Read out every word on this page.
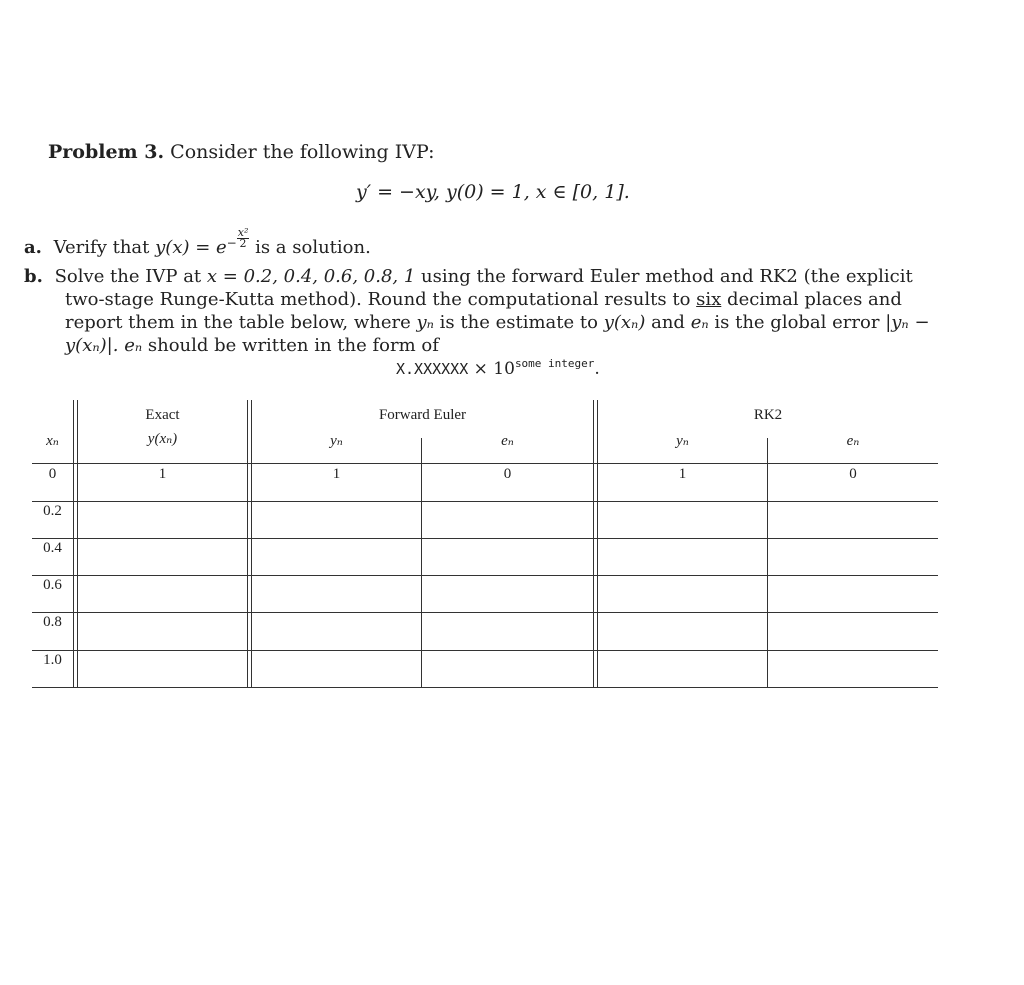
Problem 3. Consider the following IVP:
y′ = −xy, y(0) = 1, x ∈ [0, 1].
a. Verify that $y(x) = e^- \frac{\text{x²}}{2}$ is a solution.
b. Solve the IVP at x = 0.2, 0.4, 0.6, 0.8, 1 using the forward Euler method and RK2 (the explicit two-stage Runge-Kutta method). Round the computational results to six decimal places and report them in the table below, where yₙ is the estimate to y(xₙ) and eₙ is the global error |yₙ − y(xₙ)|. eₙ should be written in the form of
X.XXXXXX × $10^{some integer}$.
Exact	Forward Euler	RK2
xₙ	y(xₙ)	yₙ	eₙ	yₙ	eₙ
0	1	1	0	1	0
0.2
0.4
0.6
0.8
1.0
